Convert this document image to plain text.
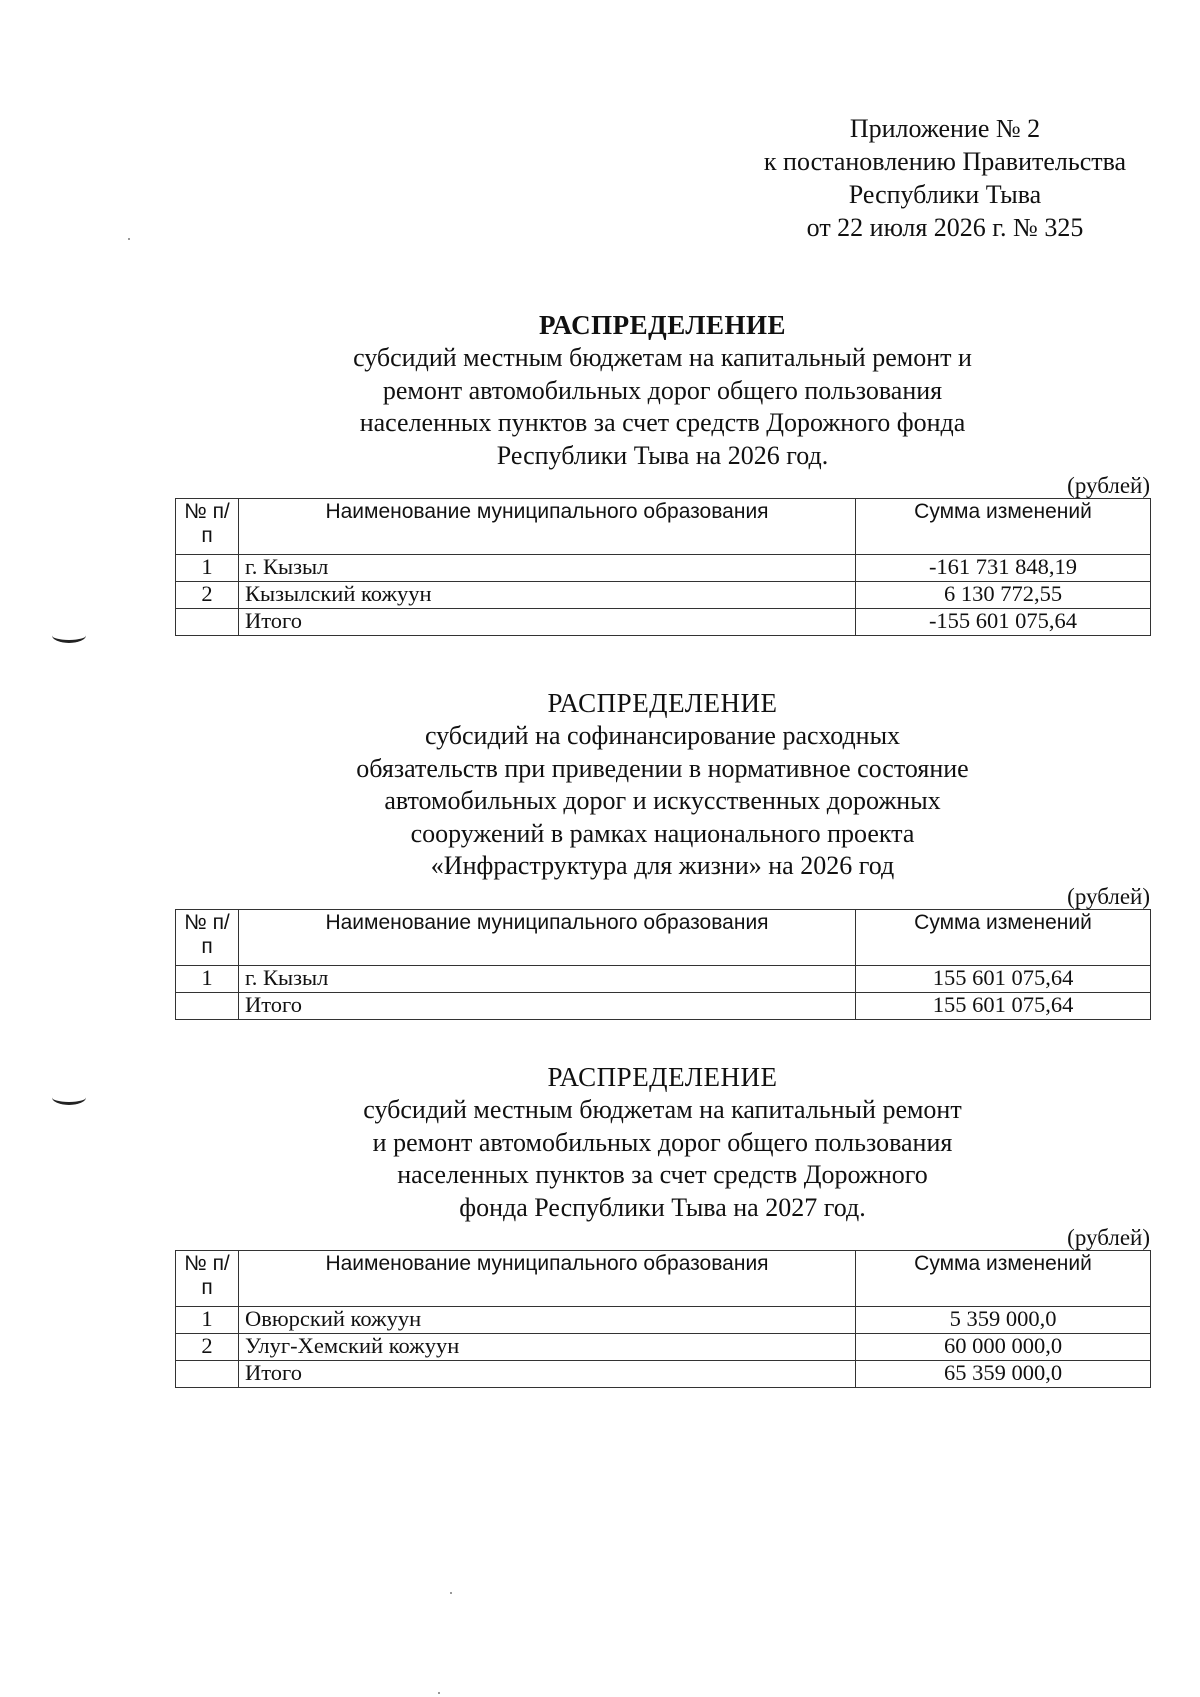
Приложение № 2
к постановлению Правительства
Республики Тыва
от 22 июля 2026 г. № 325
РАСПРЕДЕЛЕНИЕ
субсидий местным бюджетам на капитальный ремонт и ремонт автомобильных дорог общего пользования населенных пунктов за счет средств Дорожного фонда Республики Тыва на 2026 год.
(рублей)
№ п/п	Наименование муниципального образования	Сумма изменений
1	г. Кызыл	-161 731 848,19
2	Кызылский кожуун	6 130 772,55
	Итого	-155 601 075,64
РАСПРЕДЕЛЕНИЕ
субсидий на софинансирование расходных обязательств при приведении в нормативное состояние автомобильных дорог и искусственных дорожных сооружений в рамках национального проекта «Инфраструктура для жизни» на 2026 год
(рублей)
№ п/п	Наименование муниципального образования	Сумма изменений
1	г. Кызыл	155 601 075,64
	Итого	155 601 075,64
РАСПРЕДЕЛЕНИЕ
субсидий местным бюджетам на капитальный ремонт и ремонт автомобильных дорог общего пользования населенных пунктов за счет средств Дорожного фонда Республики Тыва на 2027 год.
(рублей)
№ п/п	Наименование муниципального образования	Сумма изменений
1	Овюрский кожуун	5 359 000,0
2	Улуг-Хемский кожуун	60 000 000,0
	Итого	65 359 000,0
